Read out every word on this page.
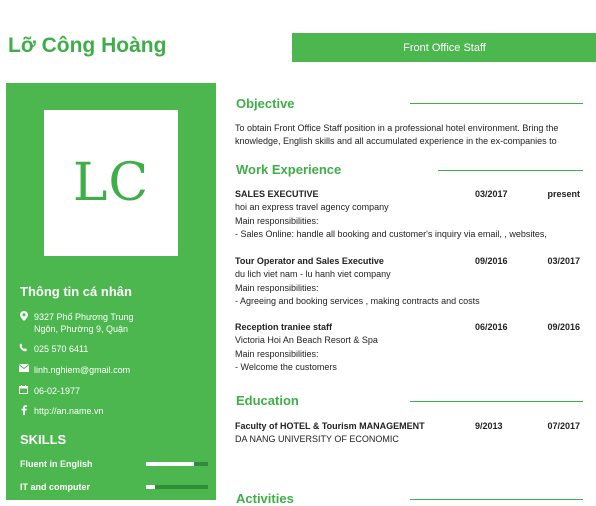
Lỡ Công Hoàng	Front Office Staff
LC
Thông tin cá nhân
9327 Phố Phương Trung Ngôn, Phường 9, Quận
025 570 6411
linh.nghiem@gmail.com
06-02-1977
http://an.name.vn
SKILLS
Fluent in English
IT and computer
Objective
To obtain Front Office Staff position in a professional hotel environment. Bring the knowledge, English skills and all accumulated experience in the ex-companies to
Work Experience
SALES EXECUTIVE	03/2017	present
hoi an express travel agency company
Main responsibilities:
- Sales Online: handle all booking and customer's inquiry via email, , websites,
Tour Operator and Sales Executive	09/2016	03/2017
du lich viet nam - lu hanh viet company
Main responsibilities:
- Agreeing and booking services , making contracts and costs
Reception traniee staff	06/2016	09/2016
Victoria Hoi An Beach Resort & Spa
Main responsibilities:
- Welcome the customers
Education
Faculty of HOTEL & Tourism MANAGEMENT	9/2013	07/2017
DA NANG UNIVERSITY OF ECONOMIC
Activities
